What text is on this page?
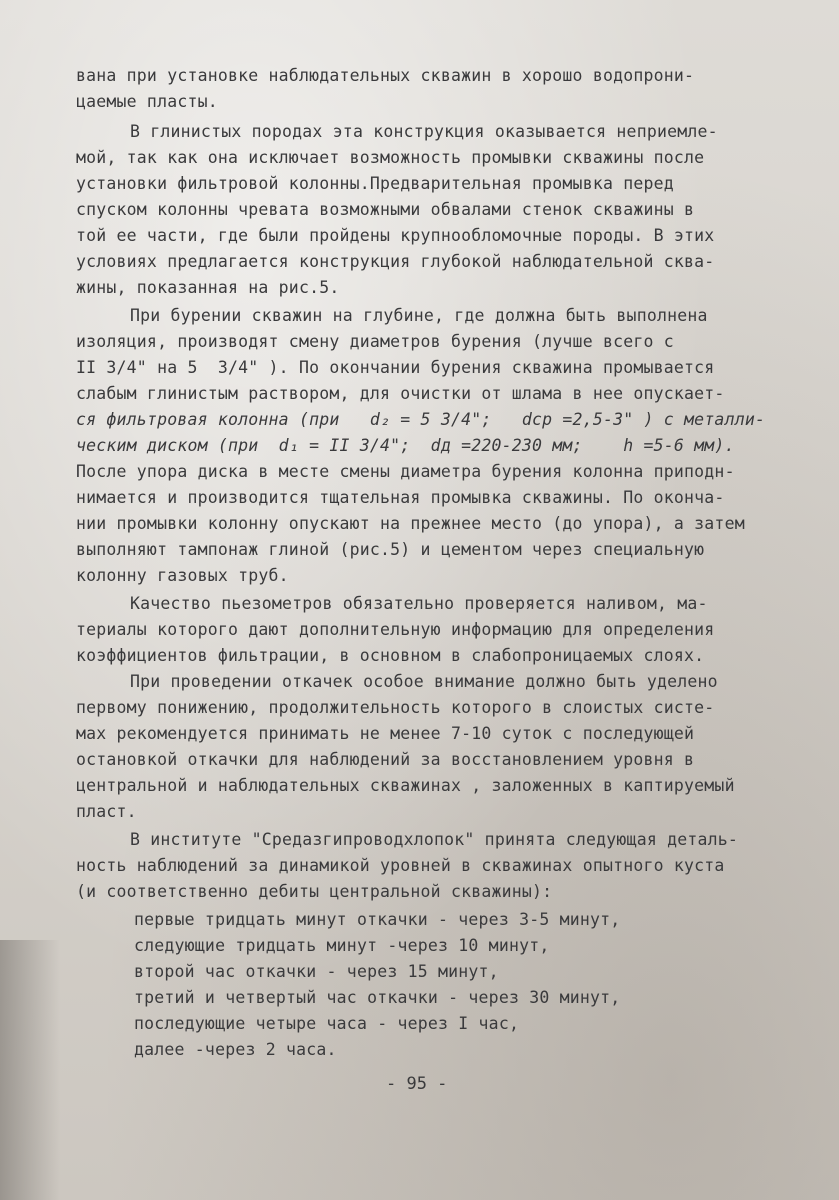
вана при установке наблюдательных скважин в хорошо водопрони-
цаемые пласты.
В глинистых породах эта конструкция оказывается неприемле-
мой, так как она исключает возможность промывки скважины после
установки фильтровой колонны.Предварительная промывка перед
спуском колонны чревата возможными обвалами стенок скважины в
той ее части, где были пройдены крупнообломочные породы. В этих
условиях предлагается конструкция глубокой наблюдательной сква-
жины, показанная на рис.5.
При бурении скважин на глубине, где должна быть выполнена
изоляция, производят смену диаметров бурения (лучше всего с
II 3/4" на 5  3/4" ). По окончании бурения скважина промывается
слабым глинистым раствором, для очистки от шлама в нее опускает-
ся фильтровая колонна (при   d₂ = 5 3/4";   dср =2,5-3" ) с металли-
ческим диском (при  d₁ = II 3/4";  dд =220-230 мм;    h =5-6 мм).
После упора диска в месте смены диаметра бурения колонна приподн-
нимается и производится тщательная промывка скважины. По оконча-
нии промывки колонну опускают на прежнее место (до упора), а затем
выполняют тампонаж глиной (рис.5) и цементом через специальную
колонну газовых труб.
Качество пьезометров обязательно проверяется наливом, ма-
териалы которого дают дополнительную информацию для определения
коэффициентов фильтрации, в основном в слабопроницаемых слоях.
При проведении откачек особое внимание должно быть уделено
первому понижению, продолжительность которого в слоистых систе-
мах рекомендуется принимать не менее 7-10 суток с последующей
остановкой откачки для наблюдений за восстановлением уровня в
центральной и наблюдательных скважинах , заложенных в каптируемый
пласт.
В институте "Средазгипроводхлопок" принята следующая деталь-
ность наблюдений за динамикой уровней в скважинах опытного куста
(и соответственно дебиты центральной скважины):
первые тридцать минут откачки - через 3-5 минут,
следующие тридцать минут -через 10 минут,
второй час откачки - через 15 минут,
третий и четвертый час откачки - через 30 минут,
последующие четыре часа - через I час,
далее -через 2 часа.
- 95 -
